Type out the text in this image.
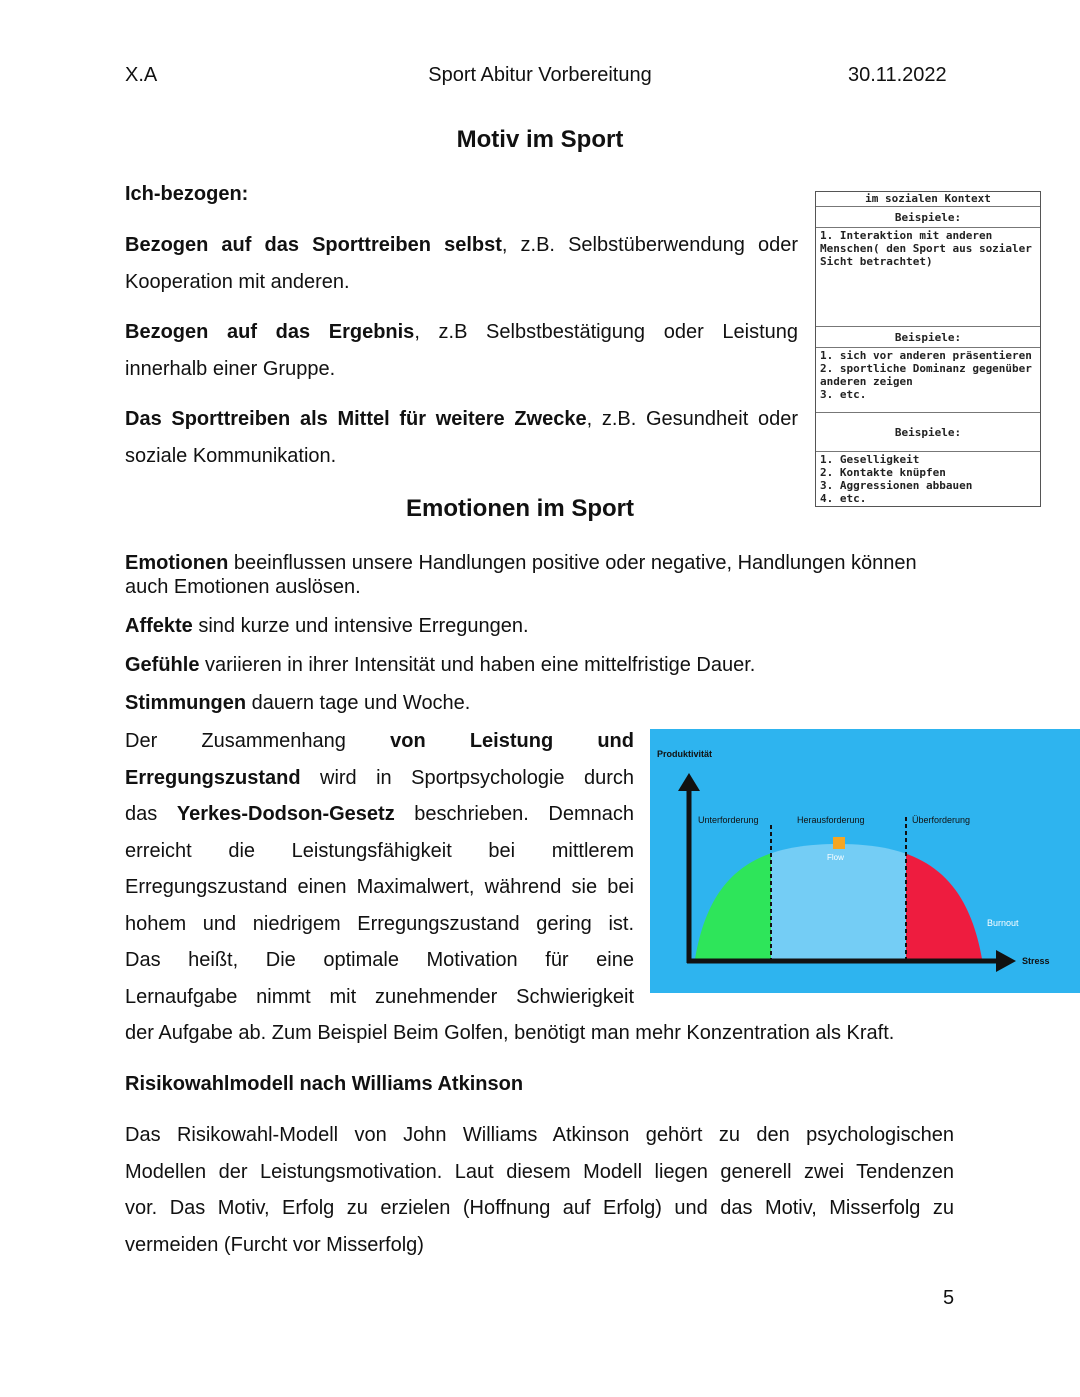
X.A	Sport Abitur Vorbereitung	30.11.2022
Motiv im Sport
Ich-bezogen:
Bezogen auf das Sporttreiben selbst, z.B. Selbstüberwendung oder
Kooperation mit anderen.
Bezogen auf das Ergebnis, z.B Selbstbestätigung oder Leistung
innerhalb einer Gruppe.
Das Sporttreiben als Mittel für weitere Zwecke, z.B. Gesundheit oder
soziale Kommunikation.
im sozialen Kontext
Beispiele:
1. Interaktion mit anderen Menschen( den Sport aus sozialer Sicht betrachtet)
Beispiele:
1. sich vor anderen präsentieren
2. sportliche Dominanz gegenüber anderen zeigen
3. etc.
Beispiele:
1. Geselligkeit
2. Kontakte knüpfen
3. Aggressionen abbauen
4. etc.
Emotionen im Sport
Emotionen beeinflussen unsere Handlungen positive oder negative, Handlungen können auch Emotionen auslösen.
Affekte sind kurze und intensive Erregungen.
Gefühle variieren in ihrer Intensität und haben eine mittelfristige Dauer.
Stimmungen dauern tage und Woche.
Der Zusammenhang von Leistung und
Erregungszustand wird in Sportpsychologie durch
das Yerkes-Dodson-Gesetz beschrieben. Demnach
erreicht die Leistungsfähigkeit bei mittlerem
Erregungszustand einen Maximalwert, während sie bei
hohem und niedrigem Erregungszustand gering ist.
Das heißt, Die optimale Motivation für eine
Lernaufgabe nimmt mit zunehmender Schwierigkeit
der Aufgabe ab. Zum Beispiel Beim Golfen, benötigt man mehr Konzentration als Kraft.
Produktivität
Unterforderung	Herausforderung	Überforderung
Flow
Burnout
Stress
Risikowahlmodell nach Williams Atkinson
Das Risikowahl-Modell von John Williams Atkinson gehört zu den psychologischen
Modellen der Leistungsmotivation. Laut diesem Modell liegen generell zwei Tendenzen
vor. Das Motiv, Erfolg zu erzielen (Hoffnung auf Erfolg) und das Motiv, Misserfolg zu
vermeiden (Furcht vor Misserfolg)
5
